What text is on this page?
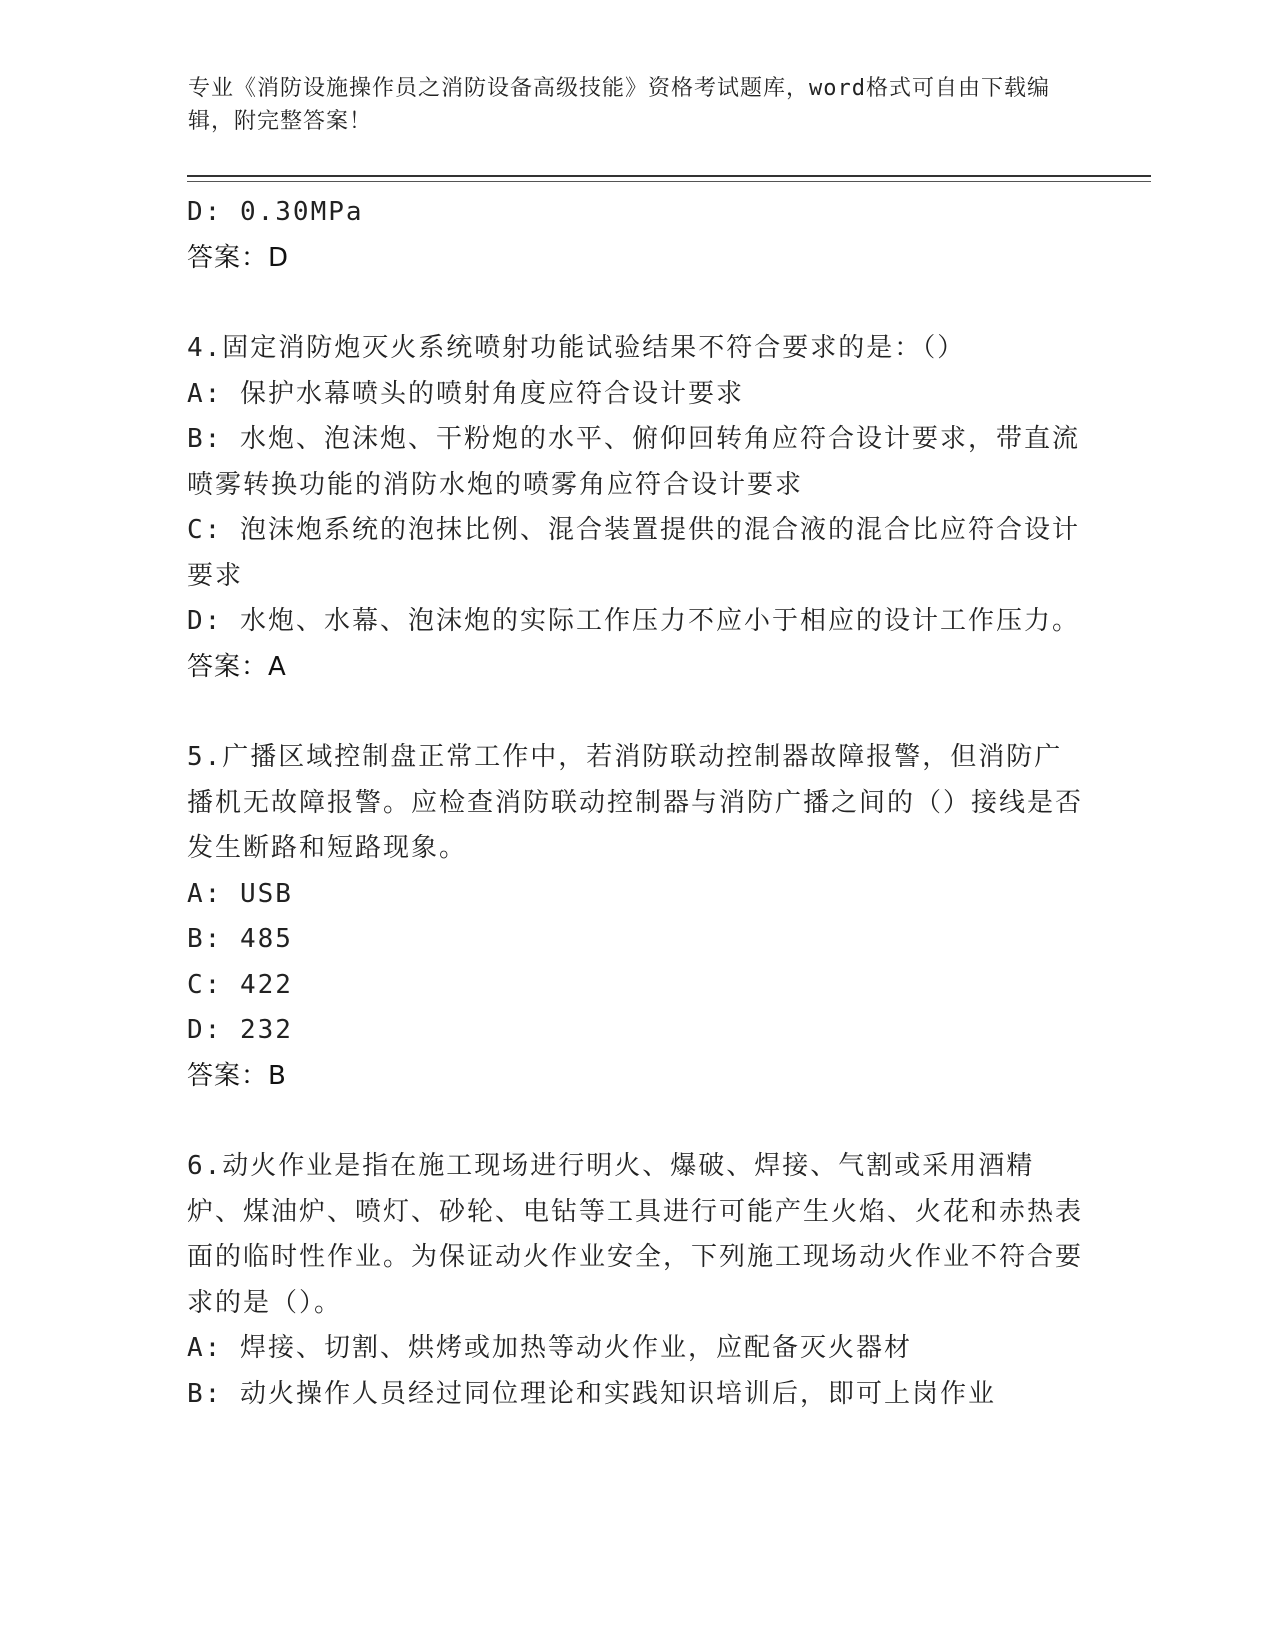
专业《消防设施操作员之消防设备高级技能》资格考试题库，word格式可自由下载编辑，附完整答案！

D: 0.30MPa

答案：D

4.固定消防炮灭火系统喷射功能试验结果不符合要求的是：（）

A: 保护水幕喷头的喷射角度应符合设计要求

B: 水炮、泡沫炮、干粉炮的水平、俯仰回转角应符合设计要求，带直流喷雾转换功能的消防水炮的喷雾角应符合设计要求

C: 泡沫炮系统的泡抹比例、混合装置提供的混合液的混合比应符合设计要求

D: 水炮、水幕、泡沫炮的实际工作压力不应小于相应的设计工作压力。

答案：A

5.广播区域控制盘正常工作中，若消防联动控制器故障报警，但消防广播机无故障报警。应检查消防联动控制器与消防广播之间的（）接线是否发生断路和短路现象。

A: USB

B: 485

C: 422

D: 232

答案：B

6.动火作业是指在施工现场进行明火、爆破、焊接、气割或采用酒精炉、煤油炉、喷灯、砂轮、电钻等工具进行可能产生火焰、火花和赤热表面的临时性作业。为保证动火作业安全，下列施工现场动火作业不符合要求的是（）。

A: 焊接、切割、烘烤或加热等动火作业，应配备灭火器材

B: 动火操作人员经过同位理论和实践知识培训后，即可上岗作业
